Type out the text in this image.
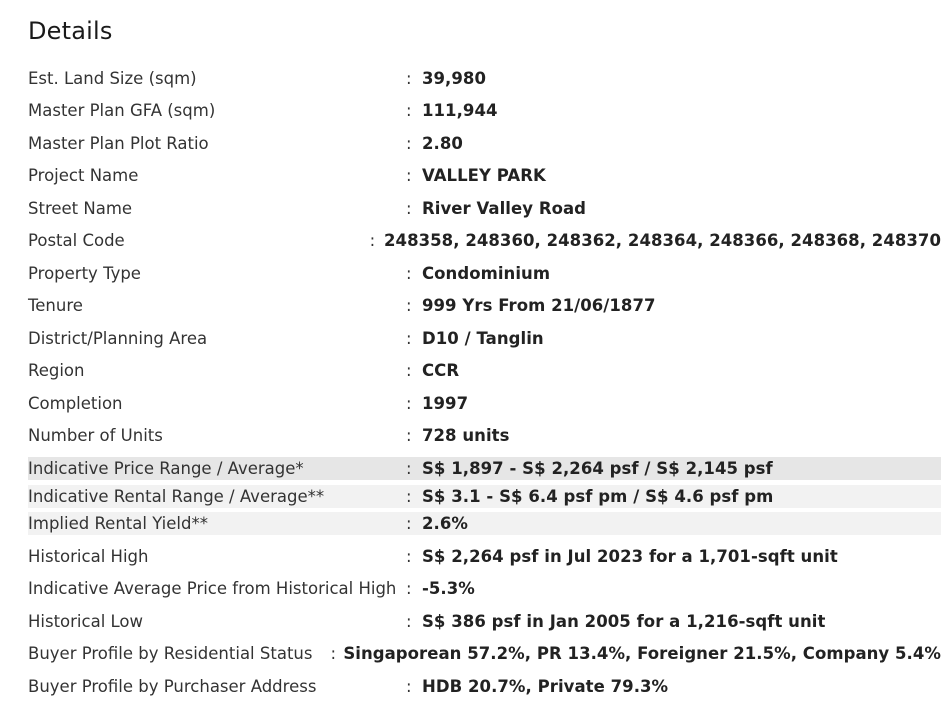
Details
Est. Land Size (sqm)	: 39,980
Master Plan GFA (sqm)	: 111,944
Master Plan Plot Ratio	: 2.80
Project Name	: VALLEY PARK
Street Name	: River Valley Road
Postal Code	: 248358, 248360, 248362, 248364, 248366, 248368, 248370
Property Type	: Condominium
Tenure	: 999 Yrs From 21/06/1877
District/Planning Area	: D10 / Tanglin
Region	: CCR
Completion	: 1997
Number of Units	: 728 units
Indicative Price Range / Average*	: S$ 1,897 - S$ 2,264 psf / S$ 2,145 psf
Indicative Rental Range / Average**	: S$ 3.1 - S$ 6.4 psf pm / S$ 4.6 psf pm
Implied Rental Yield**	: 2.6%
Historical High	: S$ 2,264 psf in Jul 2023 for a 1,701-sqft unit
Indicative Average Price from Historical High : -5.3%
Historical Low	: S$ 386 psf in Jan 2005 for a 1,216-sqft unit
Buyer Profile by Residential Status	: Singaporean 57.2%, PR 13.4%, Foreigner 21.5%, Company 5.4%
Buyer Profile by Purchaser Address	: HDB 20.7%, Private 79.3%
